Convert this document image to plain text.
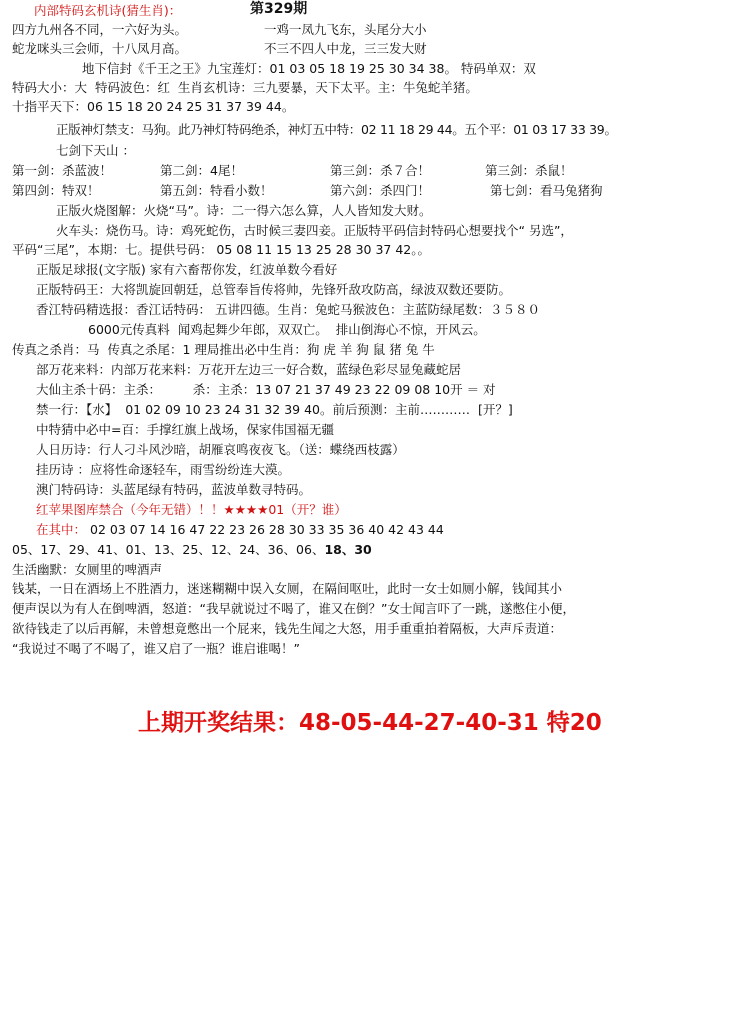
内部特码玄机诗(猜生肖)：	第329期
四方九州各不同，一六好为头。	一鸡一凤九飞东，头尾分大小
蛇龙咪头三会师，十八凤月高。	不三不四人中龙，三三发大财
地下信封《千王之王》九宝莲灯：01 03 05 18 19 25 30 34 38。 特码单双：双
特码大小：大  特码波色：红  生肖玄机诗：三九要暴，天下太平。主：牛兔蛇羊猪。
十指平天下：06 15 18 20 24 25 31 37 39 44。
正版神灯禁支：马狗。此乃神灯特码绝杀，神灯五中特：02 11 18 29 44。五个平：01 03 17 33 39。
七剑下天山 ：
第一剑：杀蓝波！	第二剑：4尾！	第三剑：杀７合！	第三剑：杀鼠！
第四剑：特双！	第五剑：特看小数！	第六剑：杀四门！	第七剑：看马兔猪狗
正版火烧图解：火烧“马”。诗：二一得六怎么算，人人皆知发大财。
火车头：烧伤马。诗：鸡死蛇伤，古时候三妻四妾。正版特平码信封特码心想要找个“ 另选”，
平码“三尾”，本期：七。提供号码： 05 08 11 15 13 25 28 30 37 42。。
正版足球报(文字版) 家有六畜帮你发，红波单数今看好
正版特码王：大将凯旋回朝廷，总管奉旨传将帅，先锋歼敌攻防高，绿波双数还要防。
香江特码精选报：香江话特码： 五讲四德。生肖：兔蛇马猴波色：主蓝防绿尾数：３５８０
6000元传真料  闻鸡起舞少年郎，双双亡。  排山倒海心不惊，开风云。
传真之杀肖：马  传真之杀尾：1 理局推出必中生肖：狗 虎 羊 狗 鼠 猪 兔 牛
部万花来料：内部万花来料：万花开左边三一好合数，蓝绿色彩尽显兔藏蛇居
大仙主杀十码：主杀：        杀：主杀：13 07 21 37 49 23 22 09 08 10开 ＝ 对
禁一行：【水】  01 02 09 10 23 24 31 32 39 40。前后预测：主前…………  [开？]
中特猜中必中=百：手撑红旗上战场，保家伟国福无疆
人日历诗：行人刁斗风沙暗，胡雁哀鸣夜夜飞。（送：蝶绕西枝露）
挂历诗 ：应将性命逐轻车，雨雪纷纷连大漠。
澳门特码诗：头蓝尾绿有特码，蓝波单数寻特码。
红苹果图库禁合（今年无错）！！★★★★01（开？谁）
在其中： 02 03 07 14 16 47 22 23 26 28 30 33 35 36 40 42 43 44
05、17、29、41、01、13、25、12、24、36、06、18、30
生活幽默：女厕里的啤酒声
钱某，一日在酒场上不胜酒力，迷迷糊糊中误入女厕，在隔间呕吐，此时一女士如厕小解，钱闻其小
便声误以为有人在倒啤酒，怒道：“我早就说过不喝了，谁又在倒？”女士闻言吓了一跳，遂憋住小便，
欲待钱走了以后再解，未曾想竟憋出一个屁来，钱先生闻之大怒，用手重重拍着隔板，大声斥责道：
“我说过不喝了不喝了，谁又启了一瓶？谁启谁喝！”
上期开奖结果：48-05-44-27-40-31 特20
